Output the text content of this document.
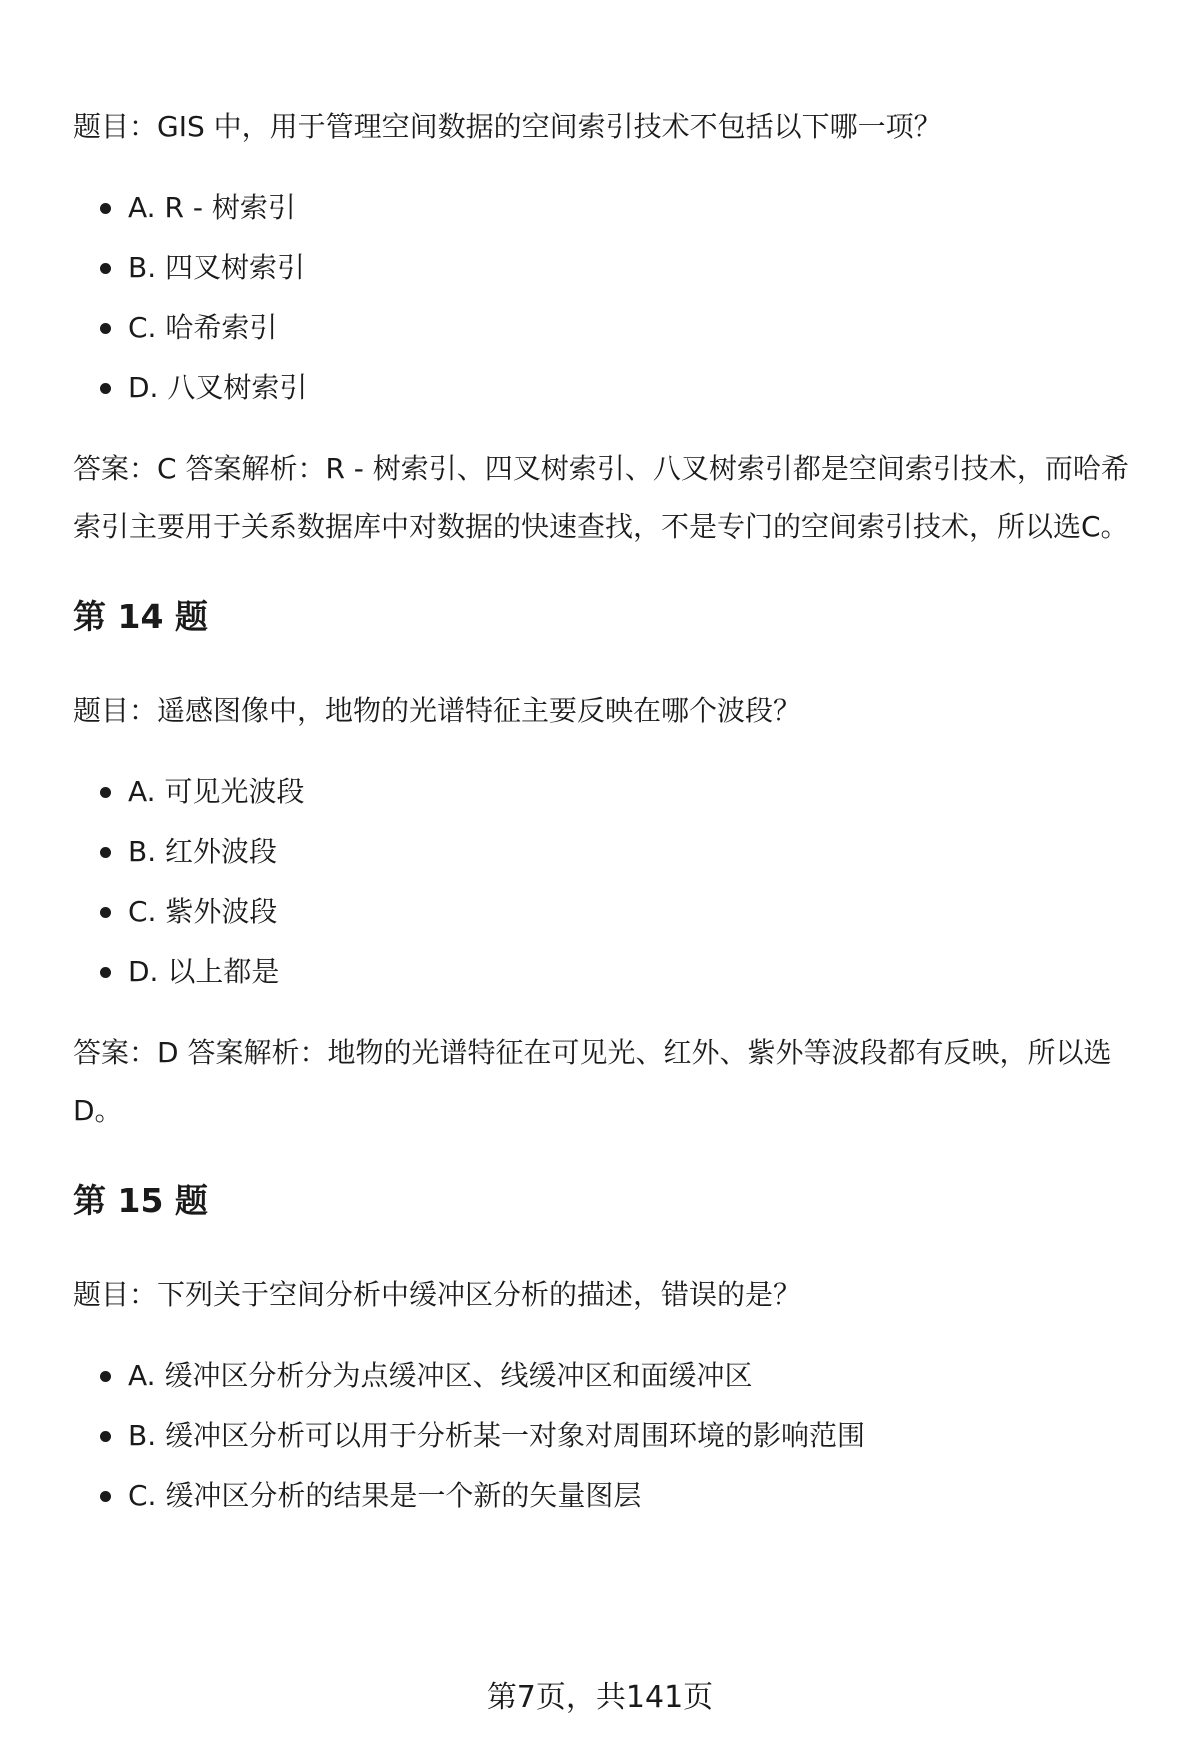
题目：GIS 中，用于管理空间数据的空间索引技术不包括以下哪一项？

A. R - 树索引
B. 四叉树索引
C. 哈希索引
D. 八叉树索引

答案：C 答案解析：R - 树索引、四叉树索引、八叉树索引都是空间索引技术，而哈希索引主要用于关系数据库中对数据的快速查找，不是专门的空间索引技术，所以选C。

第 14 题

题目：遥感图像中，地物的光谱特征主要反映在哪个波段？

A. 可见光波段
B. 红外波段
C. 紫外波段
D. 以上都是

答案：D 答案解析：地物的光谱特征在可见光、红外、紫外等波段都有反映，所以选D。

第 15 题

题目：下列关于空间分析中缓冲区分析的描述，错误的是？

A. 缓冲区分析分为点缓冲区、线缓冲区和面缓冲区
B. 缓冲区分析可以用于分析某一对象对周围环境的影响范围
C. 缓冲区分析的结果是一个新的矢量图层
第7页，共141页
